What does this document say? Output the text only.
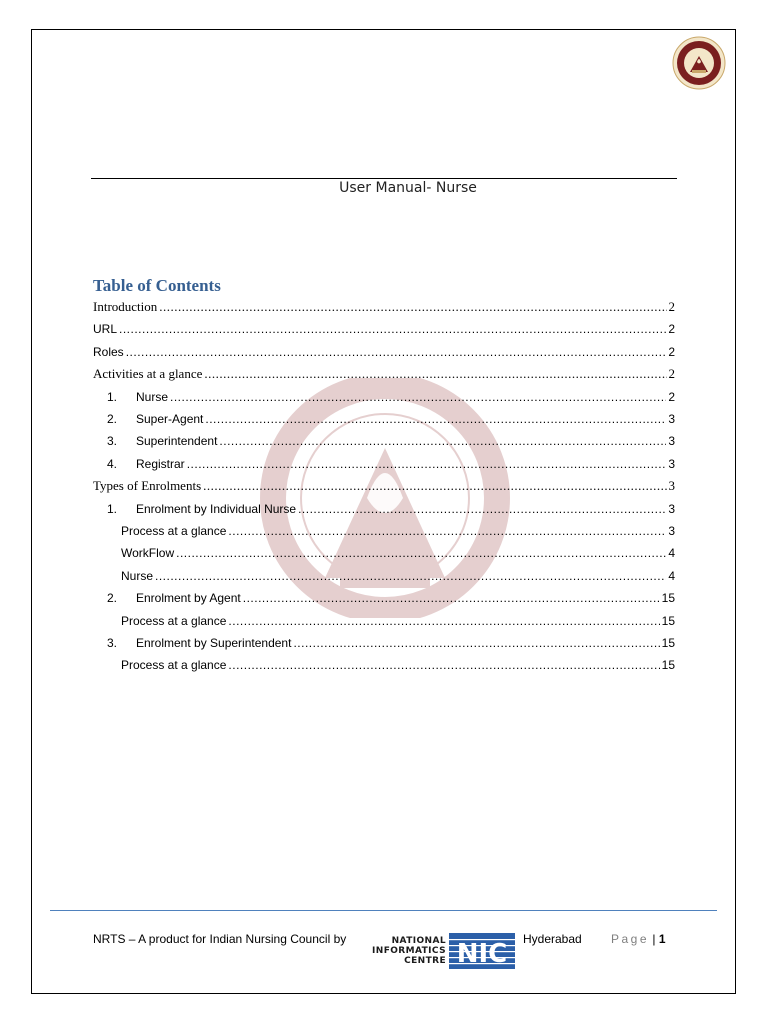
User Manual- Nurse
Table of Contents
Introduction .....	2
URL .....	2
Roles .....	2
Activities at a glance .....	2
1.	Nurse .....	2
2.	Super-Agent .....	3
3.	Superintendent .....	3
4.	Registrar .....	3
Types of Enrolments .....	3
1.	Enrolment by Individual Nurse .....	3
Process at a glance .....	3
WorkFlow .....	4
Nurse .....	4
2.	Enrolment by Agent .....	15
Process at a glance .....	15
3.	Enrolment by Superintendent .....	15
Process at a glance .....	15
NRTS – A product for Indian Nursing Council by	NATIONAL
INFORMATICS
CENTRE NIC Hyderabad Page | 1
